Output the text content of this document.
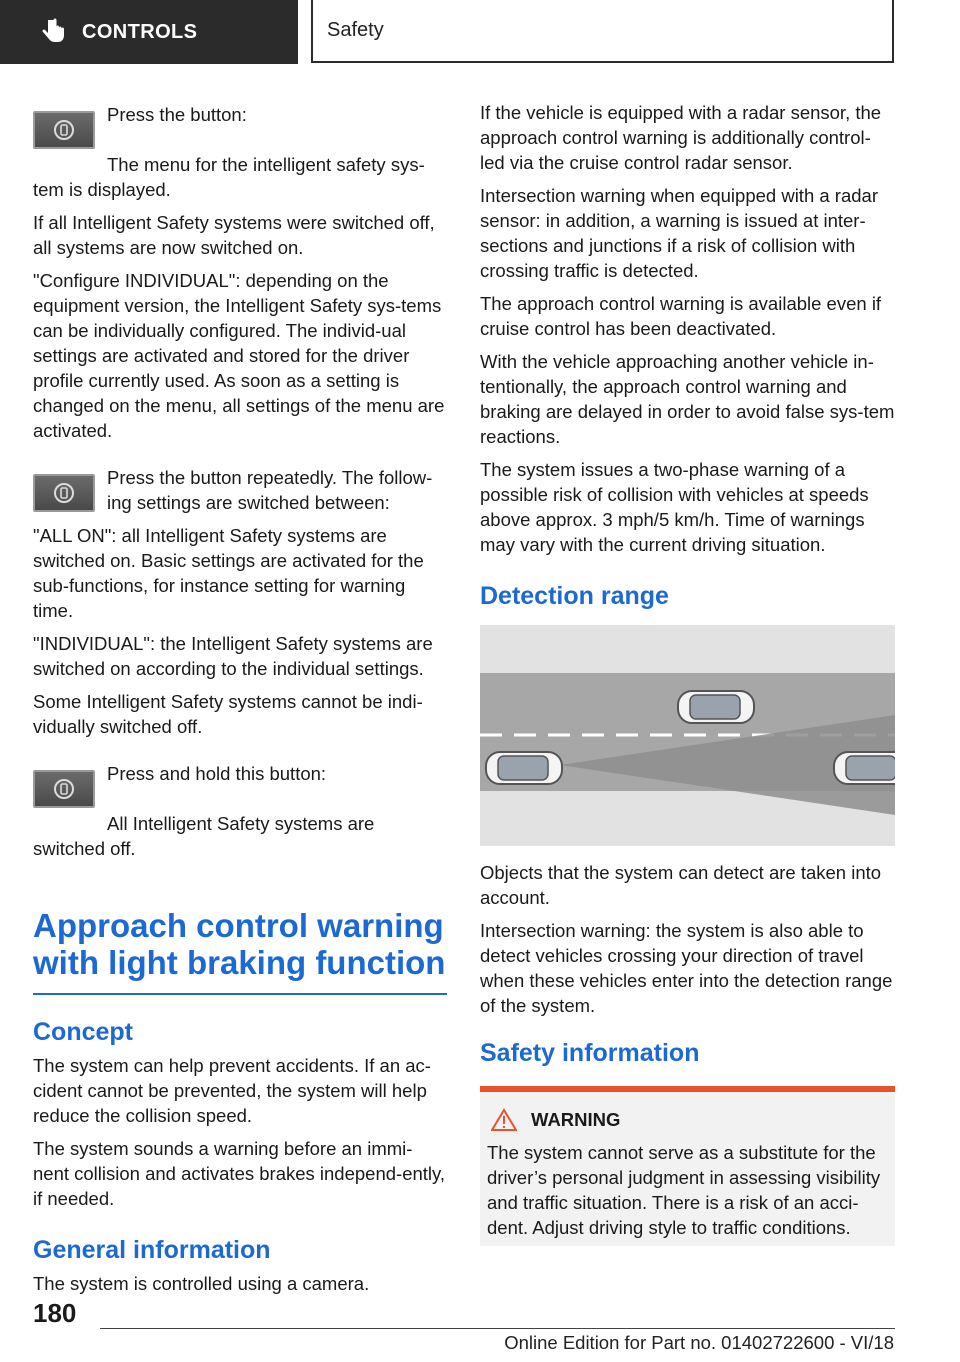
CONTROLS	Safety

Press the button:

The menu for the intelligent safety sys-tem is displayed.

If all Intelligent Safety systems were switched off, all systems are now switched on.

"Configure INDIVIDUAL": depending on the equipment version, the Intelligent Safety sys-tems can be individually configured. The individ-ual settings are activated and stored for the driver profile currently used. As soon as a setting is changed on the menu, all settings of the menu are activated.

Press the button repeatedly. The follow-ing settings are switched between:

"ALL ON": all Intelligent Safety systems are switched on. Basic settings are activated for the sub-functions, for instance setting for warning time.

"INDIVIDUAL": the Intelligent Safety systems are switched on according to the individual settings.

Some Intelligent Safety systems cannot be indi-vidually switched off.

Press and hold this button:

All Intelligent Safety systems are switched off.

Approach control warning with light braking function
Concept

The system can help prevent accidents. If an ac-cident cannot be prevented, the system will help reduce the collision speed.

The system sounds a warning before an immi-nent collision and activates brakes independ-ently, if needed.

General information

The system is controlled using a camera.

If the vehicle is equipped with a radar sensor, the approach control warning is additionally control-led via the cruise control radar sensor.

Intersection warning when equipped with a radar sensor: in addition, a warning is issued at inter-sections and junctions if a risk of collision with crossing traffic is detected.

The approach control warning is available even if cruise control has been deactivated.

With the vehicle approaching another vehicle in-tentionally, the approach control warning and braking are delayed in order to avoid false sys-tem reactions.

The system issues a two-phase warning of a possible risk of collision with vehicles at speeds above approx. 3 mph/5 km/h. Time of warnings may vary with the current driving situation.

Detection range

Objects that the system can detect are taken into account.

Intersection warning: the system is also able to detect vehicles crossing your direction of travel when these vehicles enter into the detection range of the system.

Safety information
WARNING

The system cannot serve as a substitute for the driver’s personal judgment in assessing visibility and traffic situation. There is a risk of an acci-dent. Adjust driving style to traffic conditions.

180
Online Edition for Part no. 01402722600 - VI/18
